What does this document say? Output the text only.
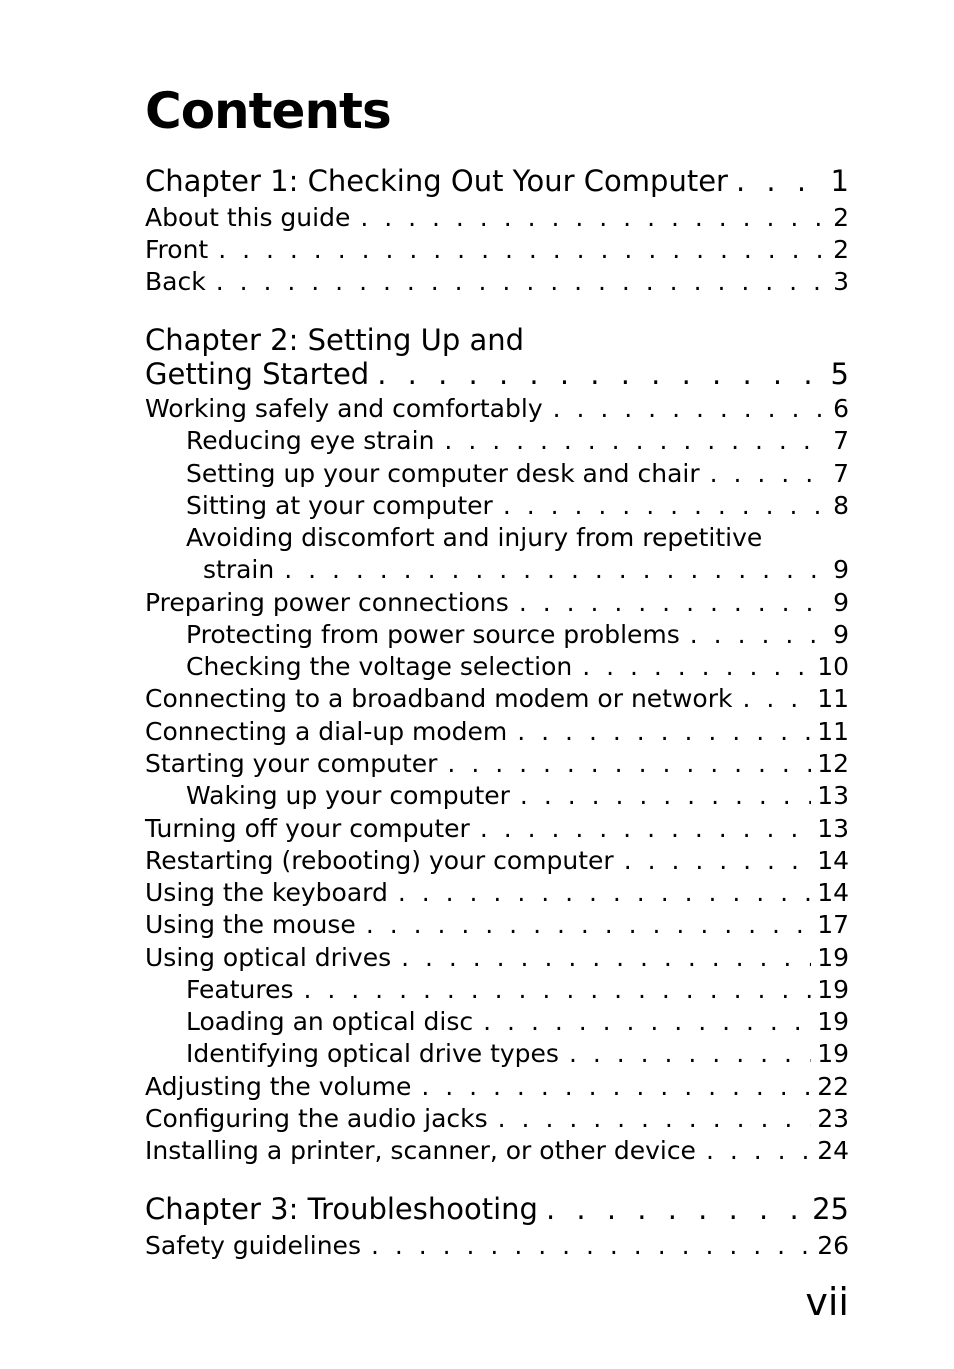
Contents
Chapter 1: Checking Out Your Computer . . .	1
About this guide . . .	2
Front . . .	2
Back . . .	3
Chapter 2: Setting Up and
Getting Started . . .	5
Working safely and comfortably . . .	6
Reducing eye strain . . .	7
Setting up your computer desk and chair . . .	7
Sitting at your computer . . .	8
Avoiding discomfort and injury from repetitive
strain . . .	9
Preparing power connections . . .	9
Protecting from power source problems . . .	9
Checking the voltage selection . . .	10
Connecting to a broadband modem or network . . .	11
Connecting a dial-up modem . . .	11
Starting your computer . . .	12
Waking up your computer . . .	13
Turning off your computer . . .	13
Restarting (rebooting) your computer . . .	14
Using the keyboard . . .	14
Using the mouse . . .	17
Using optical drives . . .	19
Features . . .	19
Loading an optical disc . . .	19
Identifying optical drive types . . .	19
Adjusting the volume . . .	22
Configuring the audio jacks . . .	23
Installing a printer, scanner, or other device . . .	24
Chapter 3: Troubleshooting . . .	25
Safety guidelines . . .	26
vii
